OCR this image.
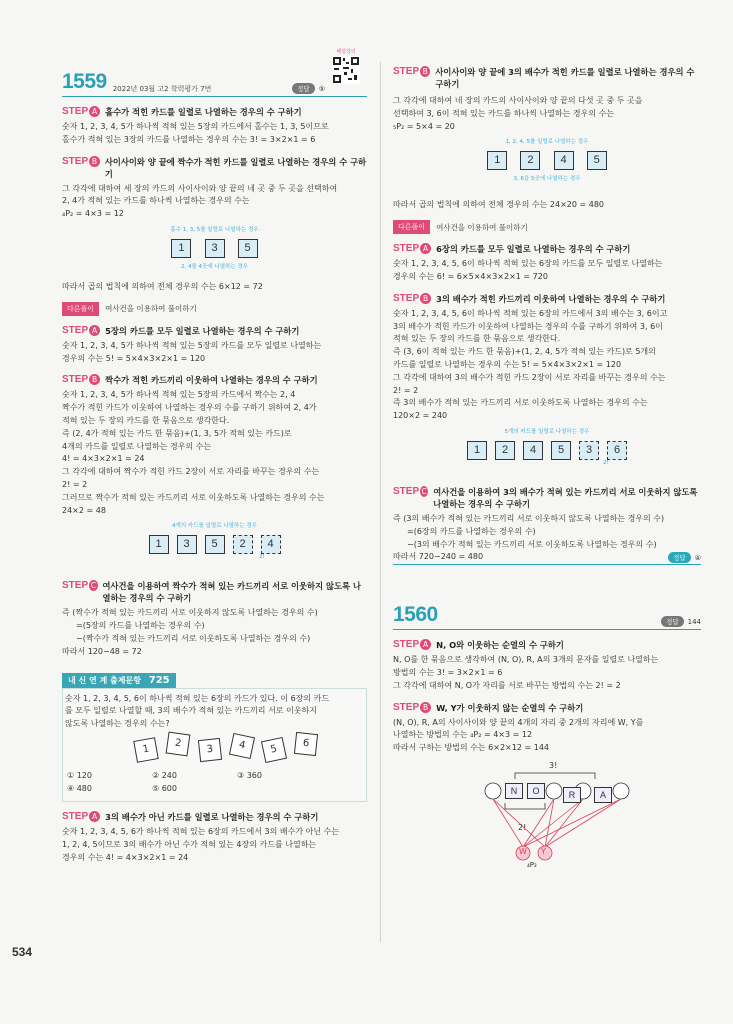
1559 2022년 03월 고2 학력평가 7번	정답	⑤
해설강의
STEP A 홀수가 적힌 카드를 일렬로 나열하는 경우의 수 구하기

숫자 1, 2, 3, 4, 5가 하나씩 적혀 있는 5장의 카드에서 홀수는 1, 3, 5이므로

홀수가 적혀 있는 3장의 카드를 나열하는 경우의 수는 3! = 3×2×1 = 6

STEP B 사이사이와 양 끝에 짝수가 적힌 카드를 일렬로 나열하는 경우의 수 구하기

그 각각에 대하여 세 장의 카드의 사이사이와 양 끝의 네 곳 중 두 곳을 선택하여

2, 4가 적혀 있는 카드를 하나씩 나열하는 경우의 수는

₄P₂ = 4×3 = 12

홀수 1, 3, 5를 일렬로 나열하는 경우
1 3 5
2, 4를 4곳에 나열하는 경우

따라서 곱의 법칙에 의하여 전체 경우의 수는 6×12 = 72

다른풀이	여사건을 이용하여 풀이하기
STEP A 5장의 카드를 모두 일렬로 나열하는 경우의 수 구하기

숫자 1, 2, 3, 4, 5가 하나씩 적혀 있는 5장의 카드를 모두 일렬로 나열하는

경우의 수는 5! = 5×4×3×2×1 = 120

STEP B 짝수가 적힌 카드끼리 이웃하여 나열하는 경우의 수 구하기

숫자 1, 2, 3, 4, 5가 하나씩 적혀 있는 5장의 카드에서 짝수는 2, 4

짝수가 적힌 카드가 이웃하여 나열하는 경우의 수를 구하기 위하여 2, 4가

적혀 있는 두 장의 카드를 한 묶음으로 생각한다.

즉 (2, 4가 적혀 있는 카드 한 묶음)+(1, 3, 5가 적혀 있는 카드)로

4개의 카드를 일렬로 나열하는 경우의 수는

4! = 4×3×2×1 = 24

그 각각에 대하여 짝수가 적힌 카드 2장이 서로 자리를 바꾸는 경우의 수는

2! = 2

그러므로 짝수가 적혀 있는 카드끼리 서로 이웃하도록 나열하는 경우의 수는

24×2 = 48

4개의 카드를 일렬로 나열하는 경우
1 3 5 2 4
2!
STEP C 여사건을 이용하여 짝수가 적혀 있는 카드끼리 서로 이웃하지 않도록 나열하는 경우의 수 구하기

즉 (짝수가 적혀 있는 카드끼리 서로 이웃하지 않도록 나열하는 경우의 수)

=(5장의 카드를 나열하는 경우의 수)

−(짝수가 적혀 있는 카드끼리 서로 이웃하도록 나열하는 경우의 수)

따라서 120−48 = 72

내 신 연 계 출제문항 725

숫자 1, 2, 3, 4, 5, 6이 하나씩 적혀 있는 6장의 카드가 있다. 이 6장의 카드

를 모두 일렬로 나열할 때, 3의 배수가 적혀 있는 카드끼리 서로 이웃하지

않도록 나열하는 경우의 수는?

1
2
3	4	5	6
① 120	② 240	③ 360
④ 480	⑤ 600
STEP A 3의 배수가 아닌 카드를 일렬로 나열하는 경우의 수 구하기

숫자 1, 2, 3, 4, 5, 6가 하나씩 적혀 있는 6장의 카드에서 3의 배수가 아닌 수는

1, 2, 4, 5이므로 3의 배수가 아닌 수가 적혀 있는 4장의 카드를 나열하는

경우의 수는 4! = 4×3×2×1 = 24

STEP B 사이사이와 양 끝에 3의 배수가 적힌 카드를 일렬로 나열하는 경우의 수 구하기

그 각각에 대하여 네 장의 카드의 사이사이와 양 끝의 다섯 곳 중 두 곳을

선택하여 3, 6이 적혀 있는 카드를 하나씩 나열하는 경우의 수는

₅P₂ = 5×4 = 20

1, 2, 4, 5를 일렬로 나열하는 경우
1 2 4 5
3, 6을 5곳에 나열하는 경우

따라서 곱의 법칙에 의하여 전체 경우의 수는 24×20 = 480

다른풀이	여사건을 이용하여 풀이하기
STEP A 6장의 카드를 모두 일렬로 나열하는 경우의 수 구하기

숫자 1, 2, 3, 4, 5, 6이 하나씩 적혀 있는 6장의 카드를 모두 일렬로 나열하는

경우의 수는 6! = 6×5×4×3×2×1 = 720

STEP B 3의 배수가 적힌 카드끼리 이웃하여 나열하는 경우의 수 구하기

숫자 1, 2, 3, 4, 5, 6이 하나씩 적혀 있는 6장의 카드에서 3의 배수는 3, 6이고

3의 배수가 적힌 카드가 이웃하여 나열하는 경우의 수를 구하기 위하여 3, 6이

적혀 있는 두 장의 카드를 한 묶음으로 생각한다.

즉 (3, 6이 적혀 있는 카드 한 묶음)+(1, 2, 4, 5가 적혀 있는 카드)로 5개의

카드를 일렬로 나열하는 경우의 수는 5! = 5×4×3×2×1 = 120

그 각각에 대하여 3의 배수가 적힌 카드 2장이 서로 자리를 바꾸는 경우의 수는

2! = 2

즉 3의 배수가 적혀 있는 카드끼리 서로 이웃하도록 나열하는 경우의 수는

120×2 = 240

5개의 카드를 일렬로 나열하는 경우
1 2 4 5 3 6
2!
STEP C 여사건을 이용하여 3의 배수가 적혀 있는 카드끼리 서로 이웃하지 않도록 나열하는 경우의 수 구하기

즉 (3의 배수가 적혀 있는 카드끼리 서로 이웃하지 않도록 나열하는 경우의 수)

=(6장의 카드를 나열하는 경우의 수)

−(3의 배수가 적혀 있는 카드끼리 서로 이웃하도록 나열하는 경우의 수)

따라서 720−240 = 480	정답	④
1560	정답	144
STEP A N, O와 이웃하는 순열의 수 구하기

N, O를 한 묶음으로 생각하여 (N, O), R, A의 3개의 문자를 일렬로 나열하는

방법의 수는 3! = 3×2×1 = 6

그 각각에 대하여 N, O가 자리를 서로 바꾸는 방법의 수는 2! = 2

STEP B W, Y가 이웃하지 않는 순열의 수 구하기

(N, O), R, A의 사이사이와 양 끝의 4개의 자리 중 2개의 자리에 W, Y를

나열하는 방법의 수는 ₄P₂ = 4×3 = 12

따라서 구하는 방법의 수는 6×2×12 = 144

3!
N	O	R	A
2!
W Y
₄P₂
534
